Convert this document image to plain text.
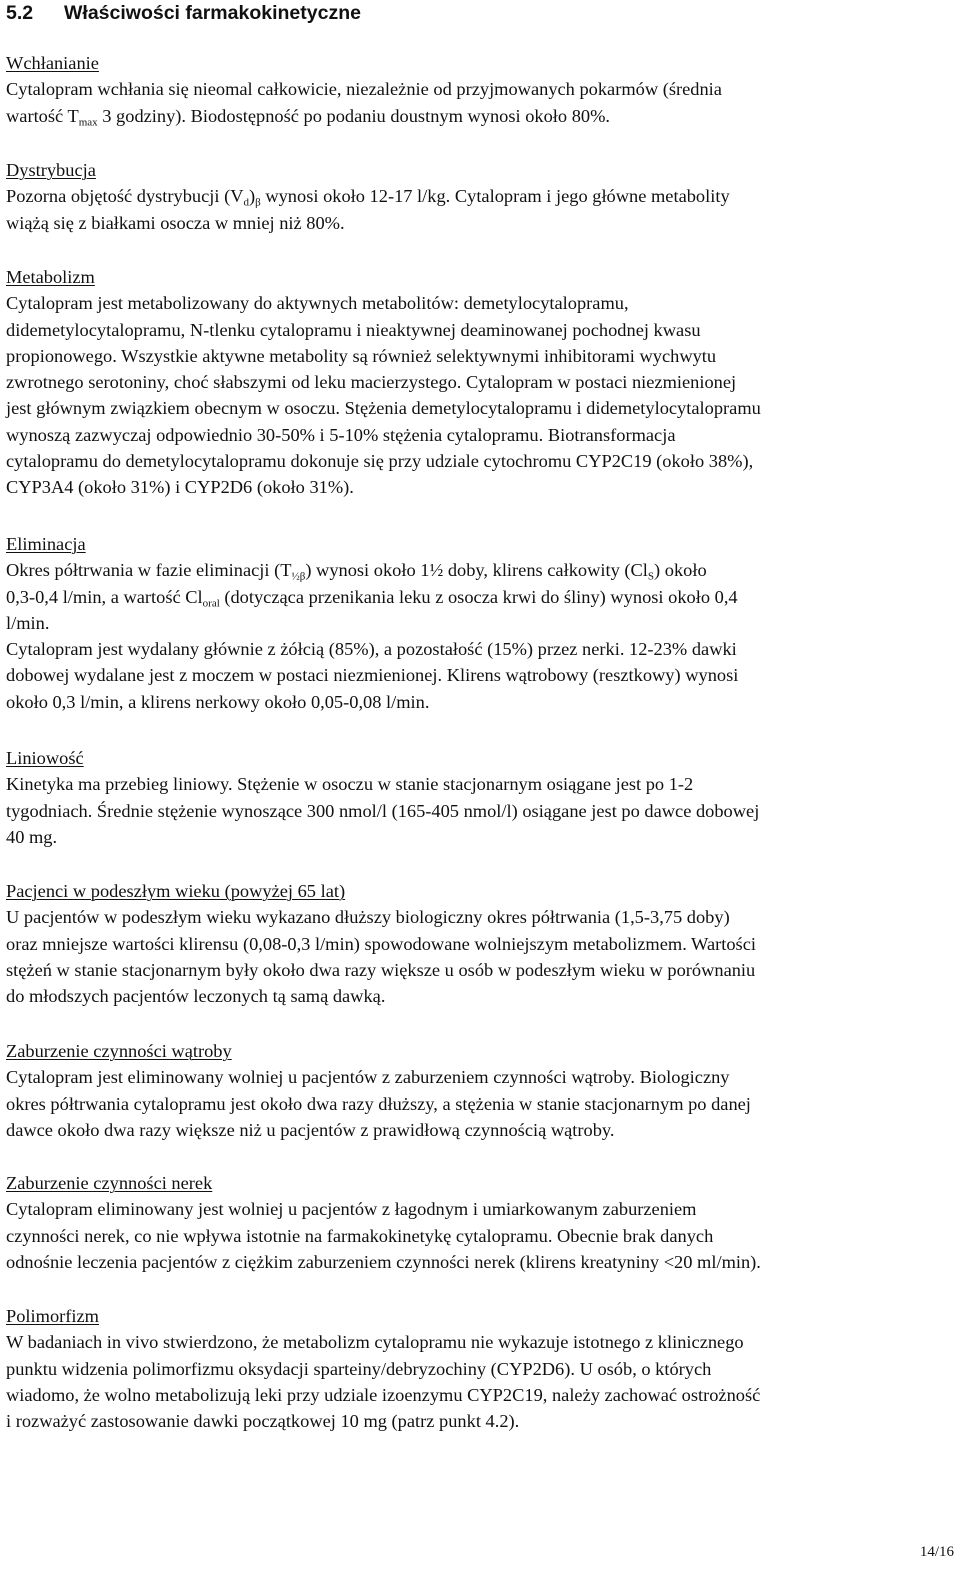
5.2 Właściwości farmakokinetyczne

Wchłanianie

Cytalopram wchłania się nieomal całkowicie, niezależnie od przyjmowanych pokarmów (średnia

wartość $T_{max}$ 3 godziny). Biodostępność po podaniu doustnym wynosi około 80%.

Dystrybucja

Pozorna objętość dystrybucji $(V_d)_\beta$ wynosi około 12-17 l/kg. Cytalopram i jego główne metabolity

wiążą się z białkami osocza w mniej niż 80%.

Metabolizm

Cytalopram jest metabolizowany do aktywnych metabolitów: demetylocytalopramu,

didemetylocytalopramu, N-tlenku cytalopramu i nieaktywnej deaminowanej pochodnej kwasu

propionowego. Wszystkie aktywne metabolity są również selektywnymi inhibitorami wychwytu

zwrotnego serotoniny, choć słabszymi od leku macierzystego. Cytalopram w postaci niezmienionej

jest głównym związkiem obecnym w osoczu. Stężenia demetylocytalopramu i didemetylocytalopramu

wynoszą zazwyczaj odpowiednio 30-50% i 5-10% stężenia cytalopramu. Biotransformacja

cytalopramu do demetylocytalopramu dokonuje się przy udziale cytochromu CYP2C19 (około 38%),

CYP3A4 (około 31%) i CYP2D6 (około 31%).

Eliminacja

Okres półtrwania w fazie eliminacji $(T_{\frac{1}{2}\beta})$ wynosi około 1½ doby, klirens całkowity $(Cl_S)$ około

0,3-0,4 l/min, a wartość $Cl_{oral}$ (dotycząca przenikania leku z osocza krwi do śliny) wynosi około 0,4

l/min.

Cytalopram jest wydalany głównie z żółcią (85%), a pozostałość (15%) przez nerki. 12-23% dawki

dobowej wydalane jest z moczem w postaci niezmienionej. Klirens wątrobowy (resztkowy) wynosi

około 0,3 l/min, a klirens nerkowy około 0,05-0,08 l/min.

Liniowość

Kinetyka ma przebieg liniowy. Stężenie w osoczu w stanie stacjonarnym osiągane jest po 1-2

tygodniach. Średnie stężenie wynoszące 300 nmol/l (165-405 nmol/l) osiągane jest po dawce dobowej

40 mg.

Pacjenci w podeszłym wieku (powyżej 65 lat)

U pacjentów w podeszłym wieku wykazano dłuższy biologiczny okres półtrwania (1,5-3,75 doby)

oraz mniejsze wartości klirensu (0,08-0,3 l/min) spowodowane wolniejszym metabolizmem. Wartości

stężeń w stanie stacjonarnym były około dwa razy większe u osób w podeszłym wieku w porównaniu

do młodszych pacjentów leczonych tą samą dawką.

Zaburzenie czynności wątroby

Cytalopram jest eliminowany wolniej u pacjentów z zaburzeniem czynności wątroby. Biologiczny

okres półtrwania cytalopramu jest około dwa razy dłuższy, a stężenia w stanie stacjonarnym po danej

dawce około dwa razy większe niż u pacjentów z prawidłową czynnością wątroby.

Zaburzenie czynności nerek

Cytalopram eliminowany jest wolniej u pacjentów z łagodnym i umiarkowanym zaburzeniem

czynności nerek, co nie wpływa istotnie na farmakokinetykę cytalopramu. Obecnie brak danych

odnośnie leczenia pacjentów z ciężkim zaburzeniem czynności nerek (klirens kreatyniny <20 ml/min).

Polimorfizm

W badaniach in vivo stwierdzono, że metabolizm cytalopramu nie wykazuje istotnego z klinicznego

punktu widzenia polimorfizmu oksydacji sparteiny/debryzochiny (CYP2D6). U osób, o których

wiadomo, że wolno metabolizują leki przy udziale izoenzymu CYP2C19, należy zachować ostrożność

i rozważyć zastosowanie dawki początkowej 10 mg (patrz punkt 4.2).

14/16
